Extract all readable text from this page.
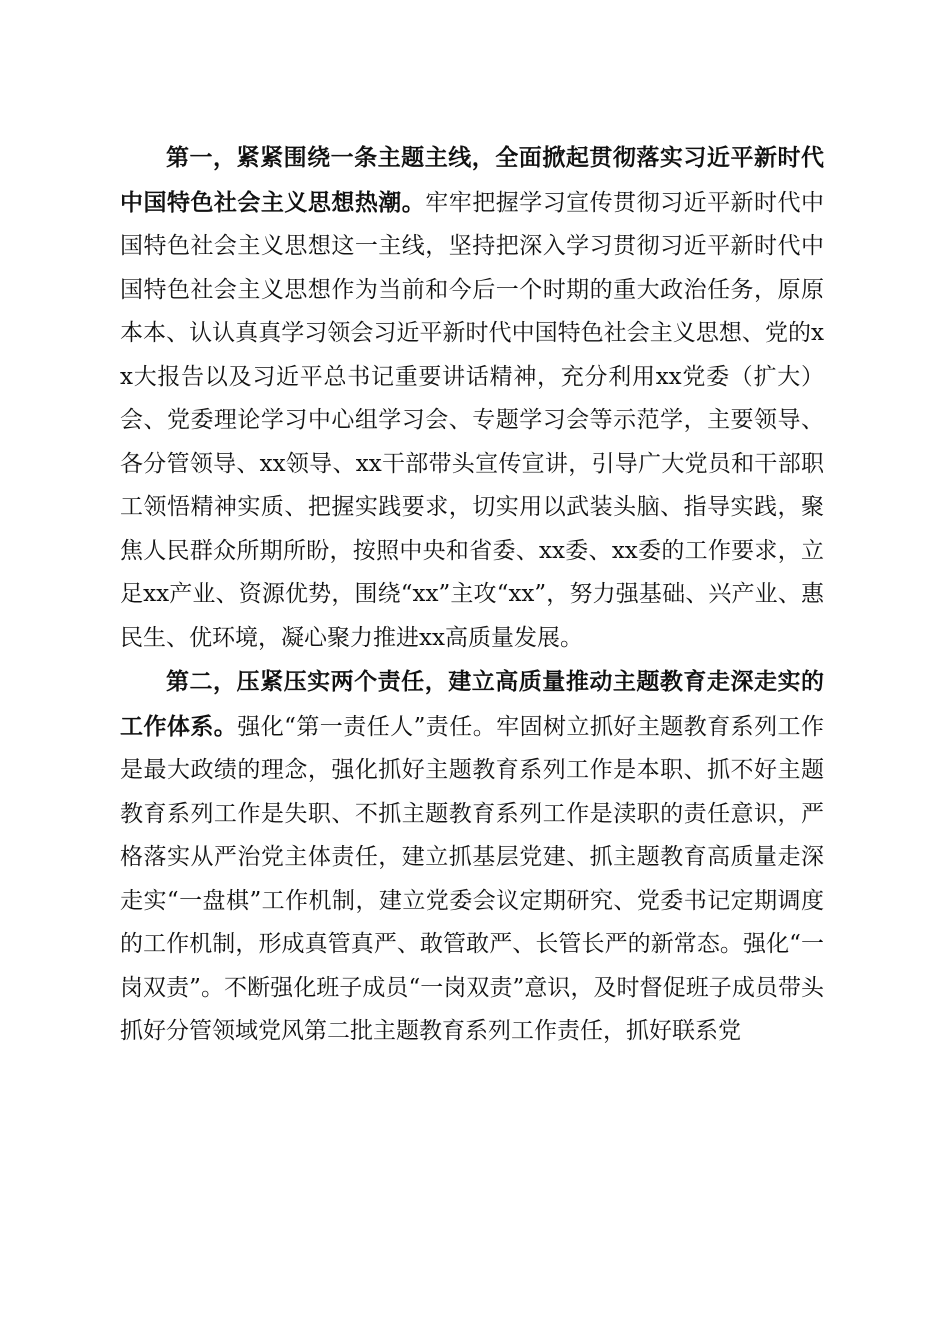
第一，紧紧围绕一条主题主线，全面掀起贯彻落实习近平新时代中国特色社会主义思想热潮。牢牢把握学习宣传贯彻习近平新时代中国特色社会主义思想这一主线，坚持把深入学习贯彻习近平新时代中国特色社会主义思想作为当前和今后一个时期的重大政治任务，原原本本、认认真真学习领会习近平新时代中国特色社会主义思想、党的xx大报告以及习近平总书记重要讲话精神，充分利用xx党委（扩大）会、党委理论学习中心组学习会、专题学习会等示范学，主要领导、各分管领导、xx领导、xx干部带头宣传宣讲，引导广大党员和干部职工领悟精神实质、把握实践要求，切实用以武装头脑、指导实践，聚焦人民群众所期所盼，按照中央和省委、xx委、xx委的工作要求，立足xx产业、资源优势，围绕“xx”主攻“xx”，努力强基础、兴产业、惠民生、优环境，凝心聚力推进xx高质量发展。

第二，压紧压实两个责任，建立高质量推动主题教育走深走实的工作体系。强化“第一责任人”责任。牢固树立抓好主题教育系列工作是最大政绩的理念，强化抓好主题教育系列工作是本职、抓不好主题教育系列工作是失职、不抓主题教育系列工作是渎职的责任意识，严格落实从严治党主体责任，建立抓基层党建、抓主题教育高质量走深走实“一盘棋”工作机制，建立党委会议定期研究、党委书记定期调度的工作机制，形成真管真严、敢管敢严、长管长严的新常态。强化“一岗双责”。不断强化班子成员“一岗双责”意识，及时督促班子成员带头抓好分管领域党风第二批主题教育系列工作责任，抓好联系党
